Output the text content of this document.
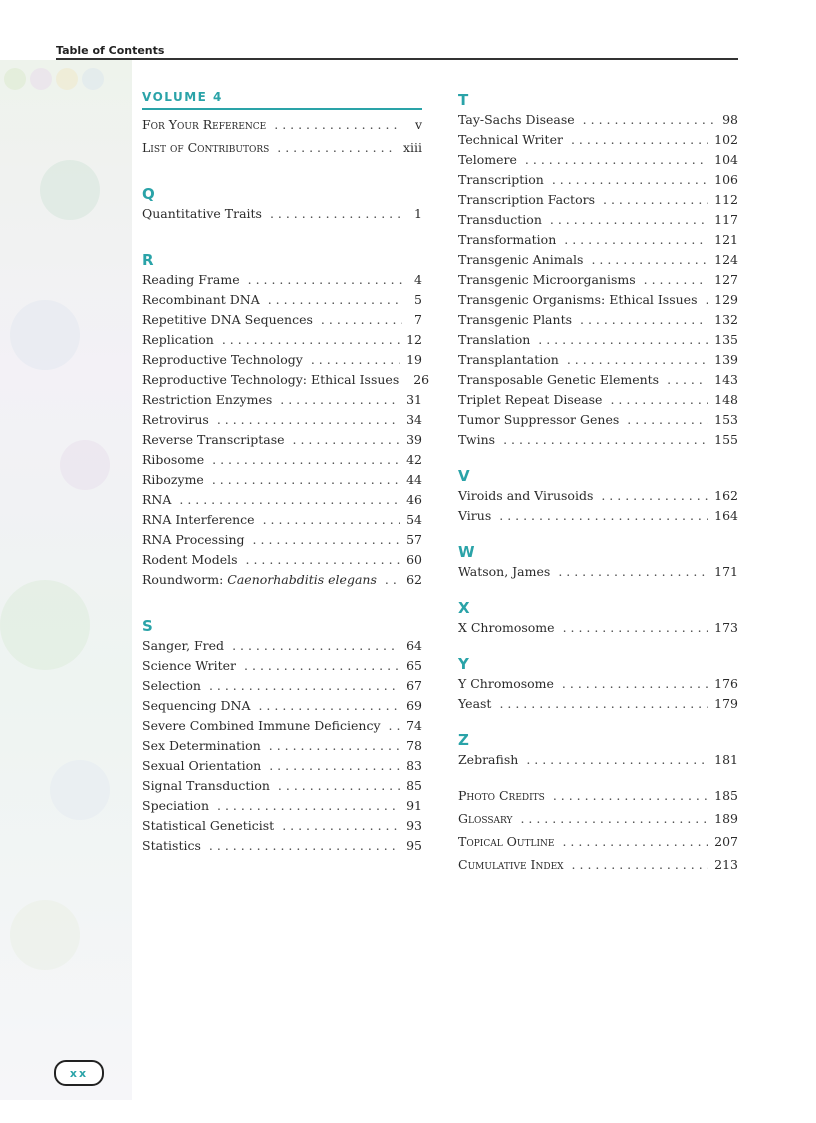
Table of Contents
VOLUME 4
For Your Reference . . .	v
List of Contributors . . .	xiii
Q
Quantitative Traits . . .	1
R
Reading Frame . . .	4
Recombinant DNA . . .	5
Repetitive DNA Sequences . . .	7
Replication . . .	12
Reproductive Technology . . .	19
Reproductive Technology: Ethical Issues 26
Restriction Enzymes . . .	31
Retrovirus . . .	34
Reverse Transcriptase . . .	39
Ribosome . . .	42
Ribozyme . . .	44
RNA . . .	46
RNA Interference . . .	54
RNA Processing . . .	57
Rodent Models . . .	60
Roundworm: Caenorhabditis elegans . . . 62
S
Sanger, Fred . . .	64
Science Writer . . .	65
Selection . . .	67
Sequencing DNA . . .	69
Severe Combined Immune Deficiency . . . 74
Sex Determination . . .	78
Sexual Orientation . . .	83
Signal Transduction . . .	85
Speciation . . .	91
Statistical Geneticist . . .	93
Statistics . . .	95
T
Tay-Sachs Disease . . .	98
Technical Writer . . .	102
Telomere . . .	104
Transcription . . .	106
Transcription Factors . . .	112
Transduction . . .	117
Transformation . . .	121
Transgenic Animals . . .	124
Transgenic Microorganisms . . .	127
Transgenic Organisms: Ethical Issues . . . 129
Transgenic Plants . . .	132
Translation . . .	135
Transplantation . . .	139
Transposable Genetic Elements . . .	143
Triplet Repeat Disease . . .	148
Tumor Suppressor Genes . . .	153
Twins . . .	155
V
Viroids and Virusoids . . .	162
Virus . . .	164
W
Watson, James . . .	171
X
X Chromosome . . .	173
Y
Y Chromosome . . .	176
Yeast . . .	179
Z
Zebrafish . . .	181
Photo Credits . . .	185
Glossary . . .	189
Topical Outline . . .	207
Cumulative Index . . .	213
xx
